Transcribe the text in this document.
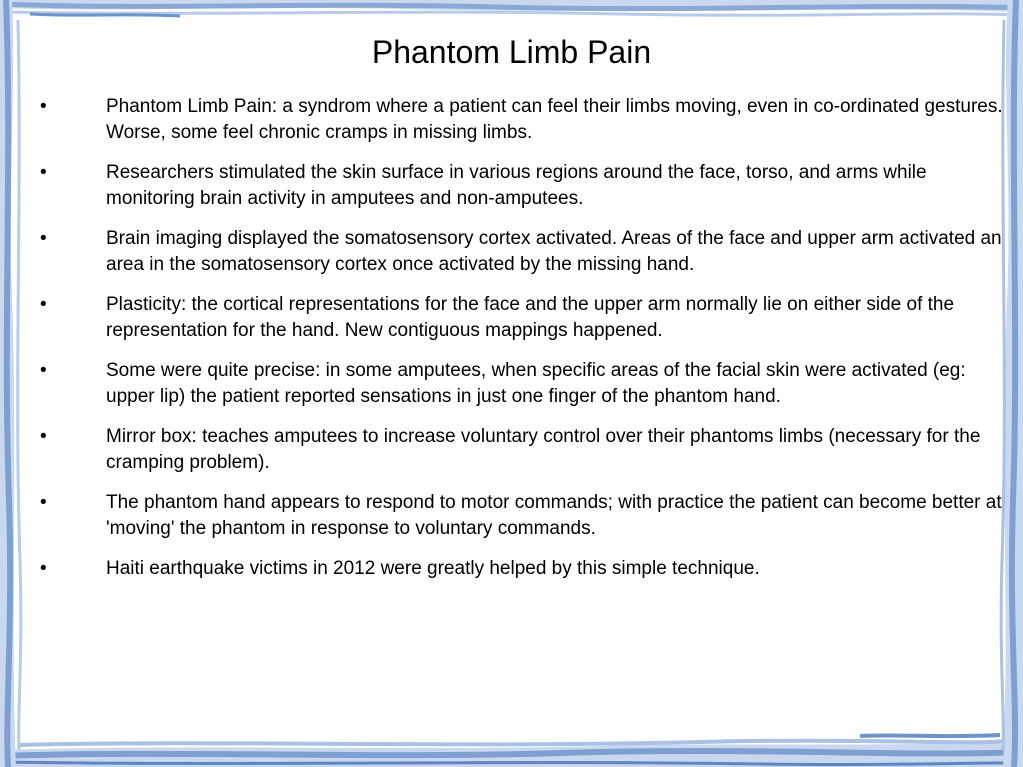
Phantom Limb Pain
•	Phantom Limb Pain: a syndrom where a patient can feel their limbs moving, even in co-ordinated gestures. Worse, some feel chronic cramps in missing limbs.
•	Researchers stimulated the skin surface in various regions around the face, torso, and arms while monitoring brain activity in amputees and non-amputees.
•	Brain imaging displayed the somatosensory cortex activated. Areas of the face and upper arm activated an area in the somatosensory cortex once activated by the missing hand.
•	Plasticity: the cortical representations for the face and the upper arm normally lie on either side of the representation for the hand. New contiguous mappings happened.
•	Some were quite precise: in some amputees, when specific areas of the facial skin were activated (eg: upper lip) the patient reported sensations in just one finger of the phantom hand.
•	Mirror box: teaches amputees to increase voluntary control over their phantoms limbs (necessary for the cramping problem).
•	The phantom hand appears to respond to motor commands; with practice the patient can become better at 'moving' the phantom in response to voluntary commands.
•	Haiti earthquake victims in 2012 were greatly helped by this simple technique.
